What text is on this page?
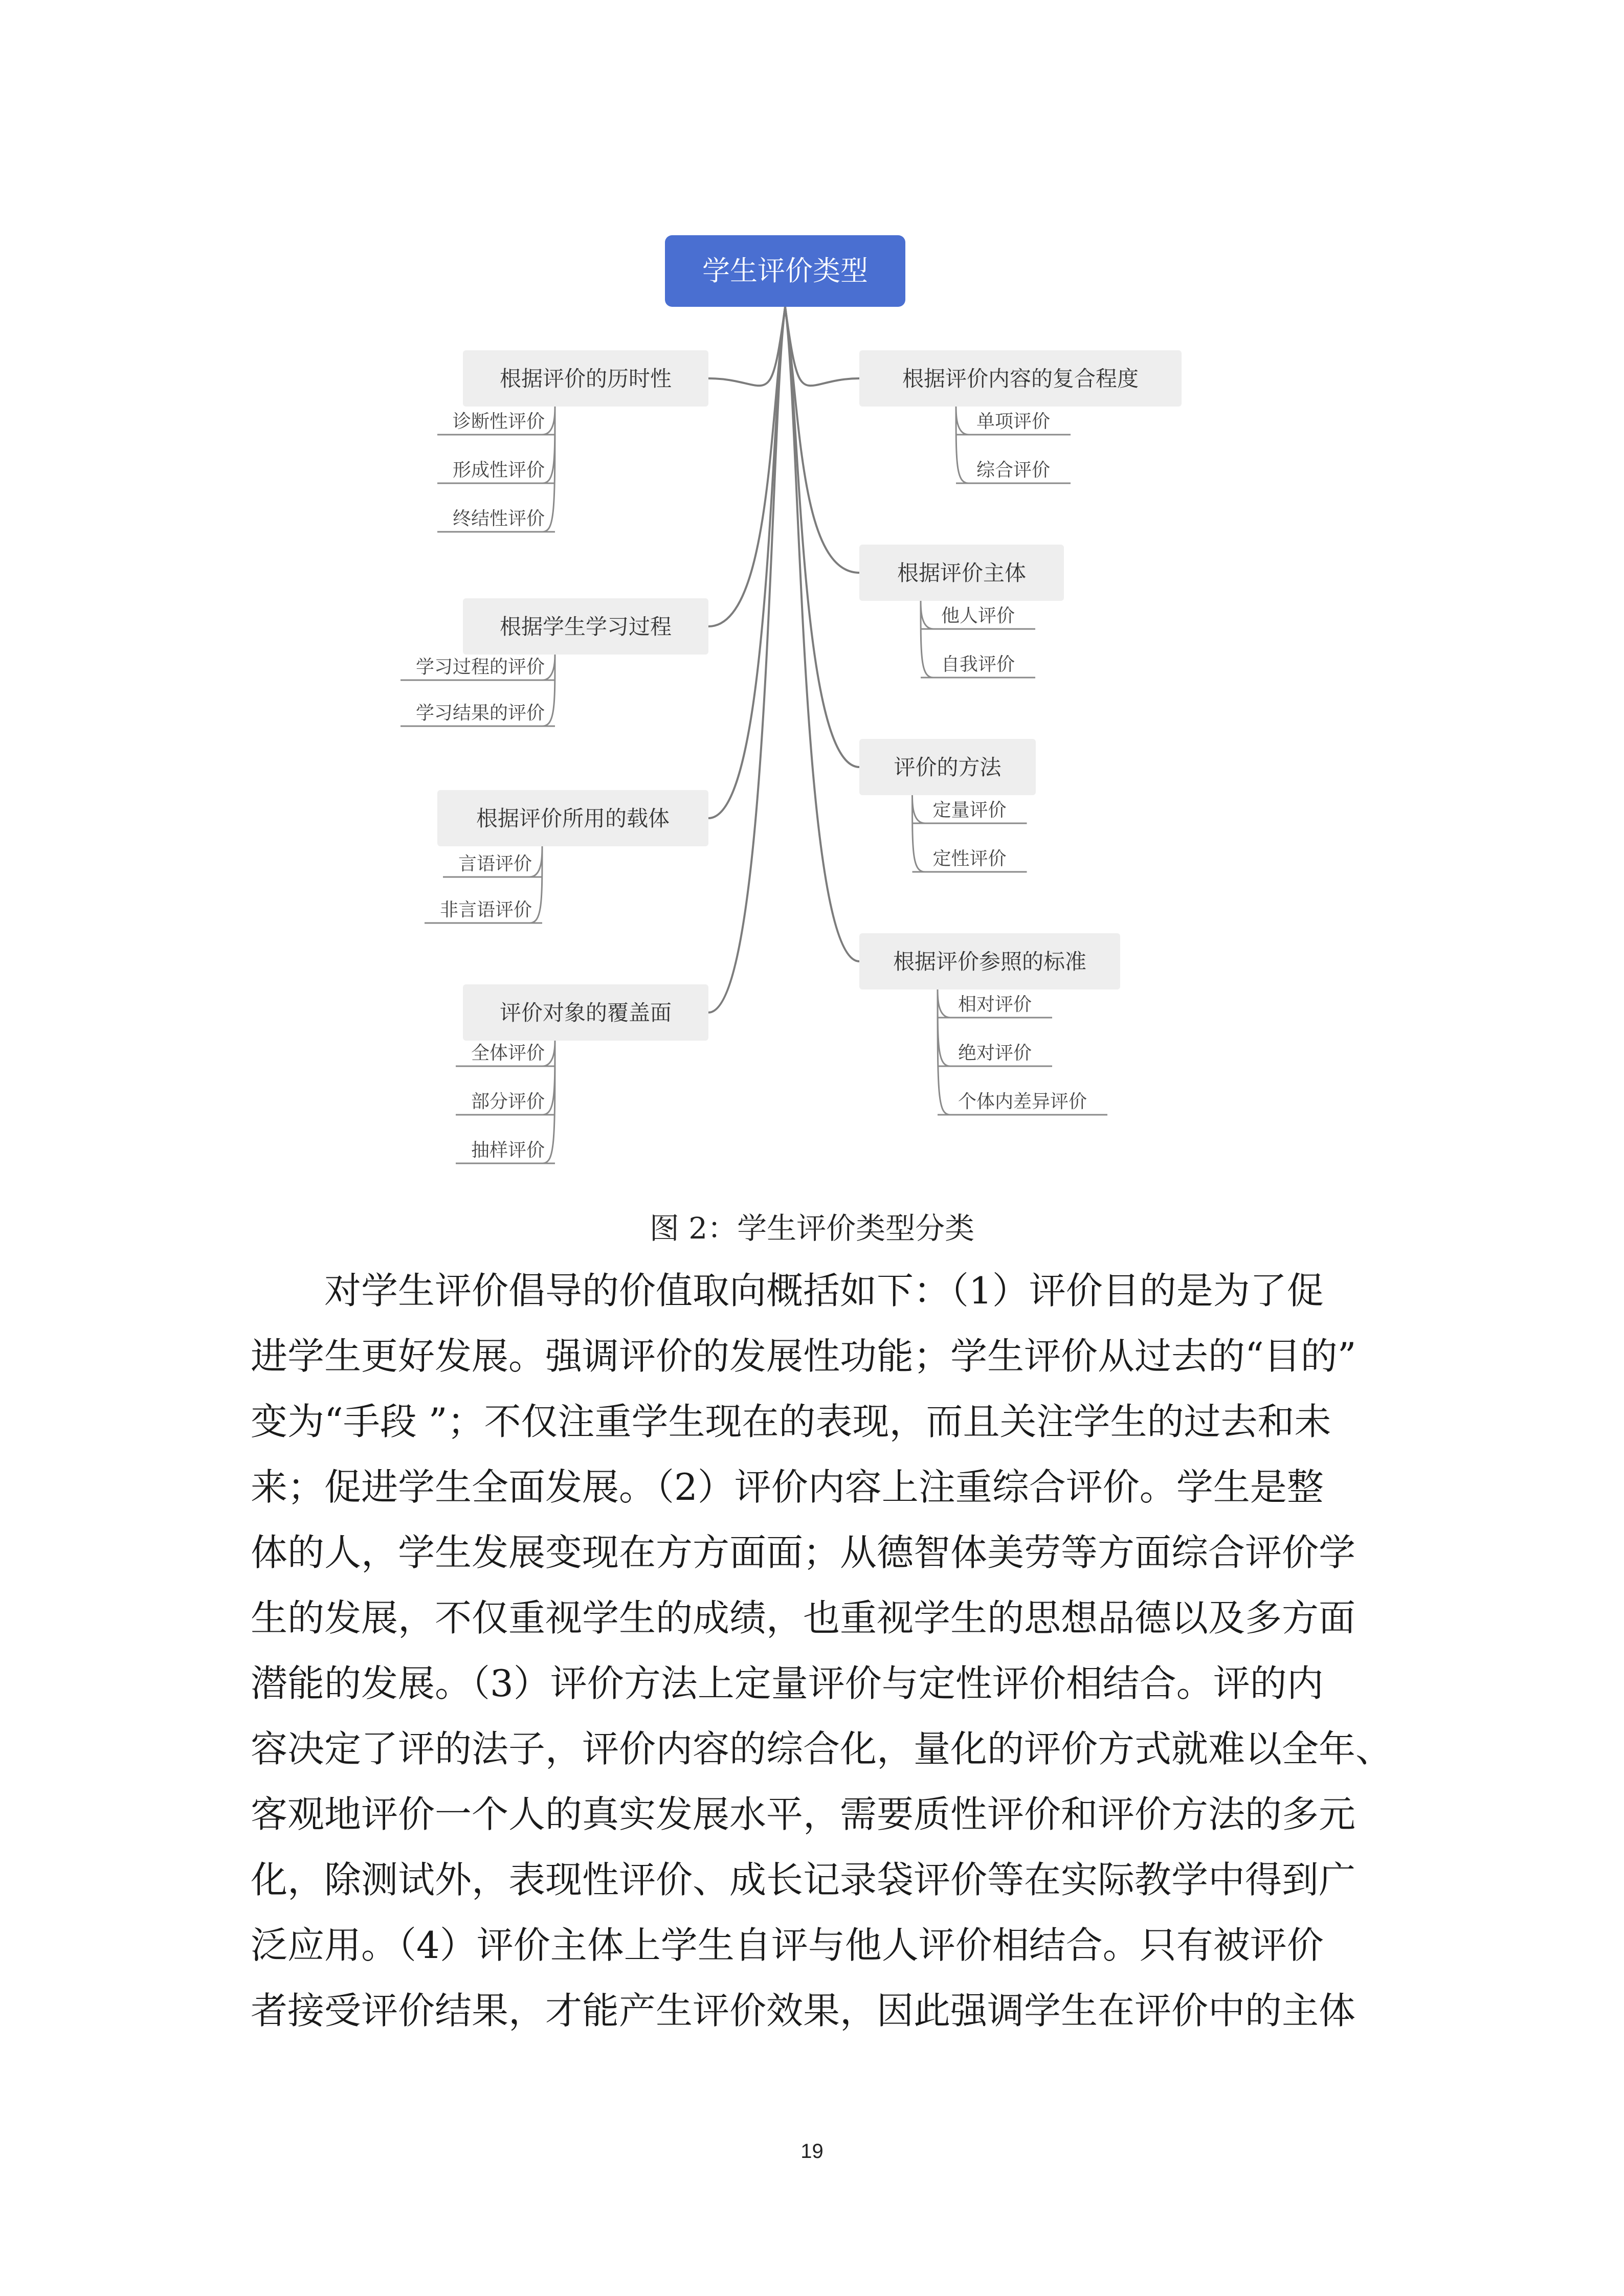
学生评价类型
根据评价的历时性
诊断性评价
形成性评价
终结性评价
根据学生学习过程
学习过程的评价
学习结果的评价
根据评价所用的载体
言语评价
非言语评价
评价对象的覆盖面
全体评价
部分评价
抽样评价
根据评价内容的复合程度
单项评价
综合评价
根据评价主体
他人评价
自我评价
评价的方法
定量评价
定性评价
根据评价参照的标准
相对评价
绝对评价
个体内差异评价
图 2：学生评价类型分类
对学生评价倡导的价值取向概括如下：（1）评价目的是为了促
进学生更好发展。强调评价的发展性功能；学生评价从过去的“目的”
变为“手段 ”；不仅注重学生现在的表现，而且关注学生的过去和未
来；促进学生全面发展。（2）评价内容上注重综合评价。学生是整
体的人，学生发展变现在方方面面；从德智体美劳等方面综合评价学
生的发展，不仅重视学生的成绩，也重视学生的思想品德以及多方面
潜能的发展。（3）评价方法上定量评价与定性评价相结合。评的内
容决定了评的法子，评价内容的综合化，量化的评价方式就难以全年、
客观地评价一个人的真实发展水平，需要质性评价和评价方法的多元
化，除测试外，表现性评价、成长记录袋评价等在实际教学中得到广
泛应用。（4）评价主体上学生自评与他人评价相结合。只有被评价
者接受评价结果，才能产生评价效果，因此强调学生在评价中的主体
19
